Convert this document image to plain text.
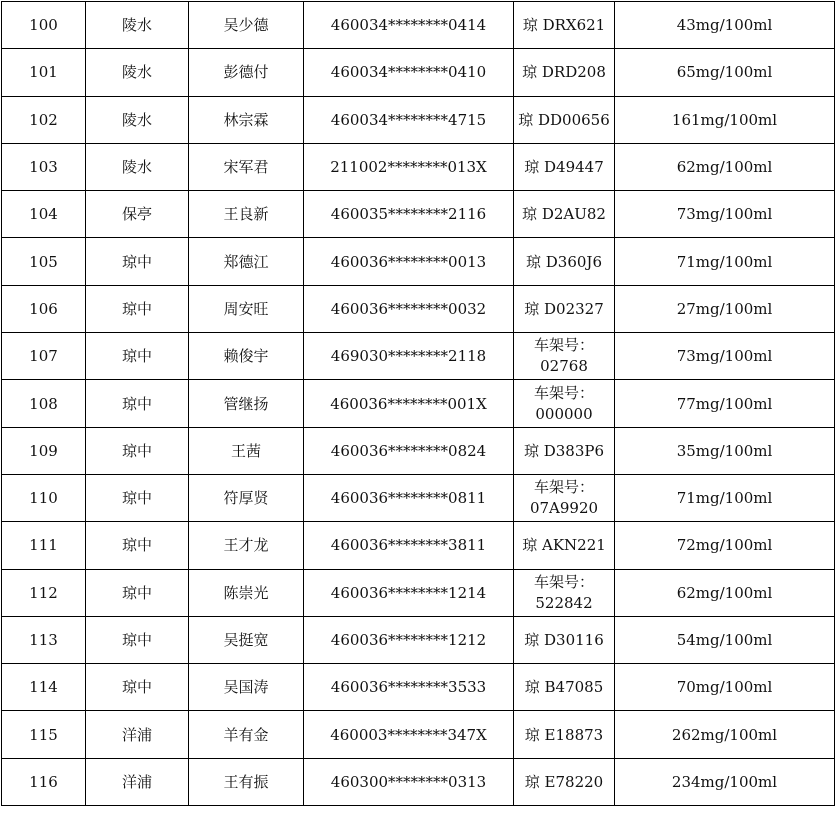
100	陵水	吴少德	460034********0414	琼 DRX621	43mg/100ml
101	陵水	彭德付	460034********0410	琼 DRD208	65mg/100ml
102	陵水	林宗霖	460034********4715	琼 DD00656	161mg/100ml
103	陵水	宋军君	211002********013X	琼 D49447	62mg/100ml
104	保亭	王良新	460035********2116	琼 D2AU82	73mg/100ml
105	琼中	郑德江	460036********0013	琼 D360J6	71mg/100ml
106	琼中	周安旺	460036********0032	琼 D02327	27mg/100ml
107	琼中	赖俊宇	469030********2118	车架号：
02768	73mg/100ml
108	琼中	管继扬	460036********001X	车架号：
000000	77mg/100ml
109	琼中	王茜	460036********0824	琼 D383P6	35mg/100ml
110	琼中	符厚贤	460036********0811	车架号：
07A9920	71mg/100ml
111	琼中	王才龙	460036********3811	琼 AKN221	72mg/100ml
112	琼中	陈崇光	460036********1214	车架号：
522842	62mg/100ml
113	琼中	吴挺宽	460036********1212	琼 D30116	54mg/100ml
114	琼中	吴国涛	460036********3533	琼 B47085	70mg/100ml
115	洋浦	羊有金	460003********347X	琼 E18873	262mg/100ml
116	洋浦	王有振	460300********0313	琼 E78220	234mg/100ml
